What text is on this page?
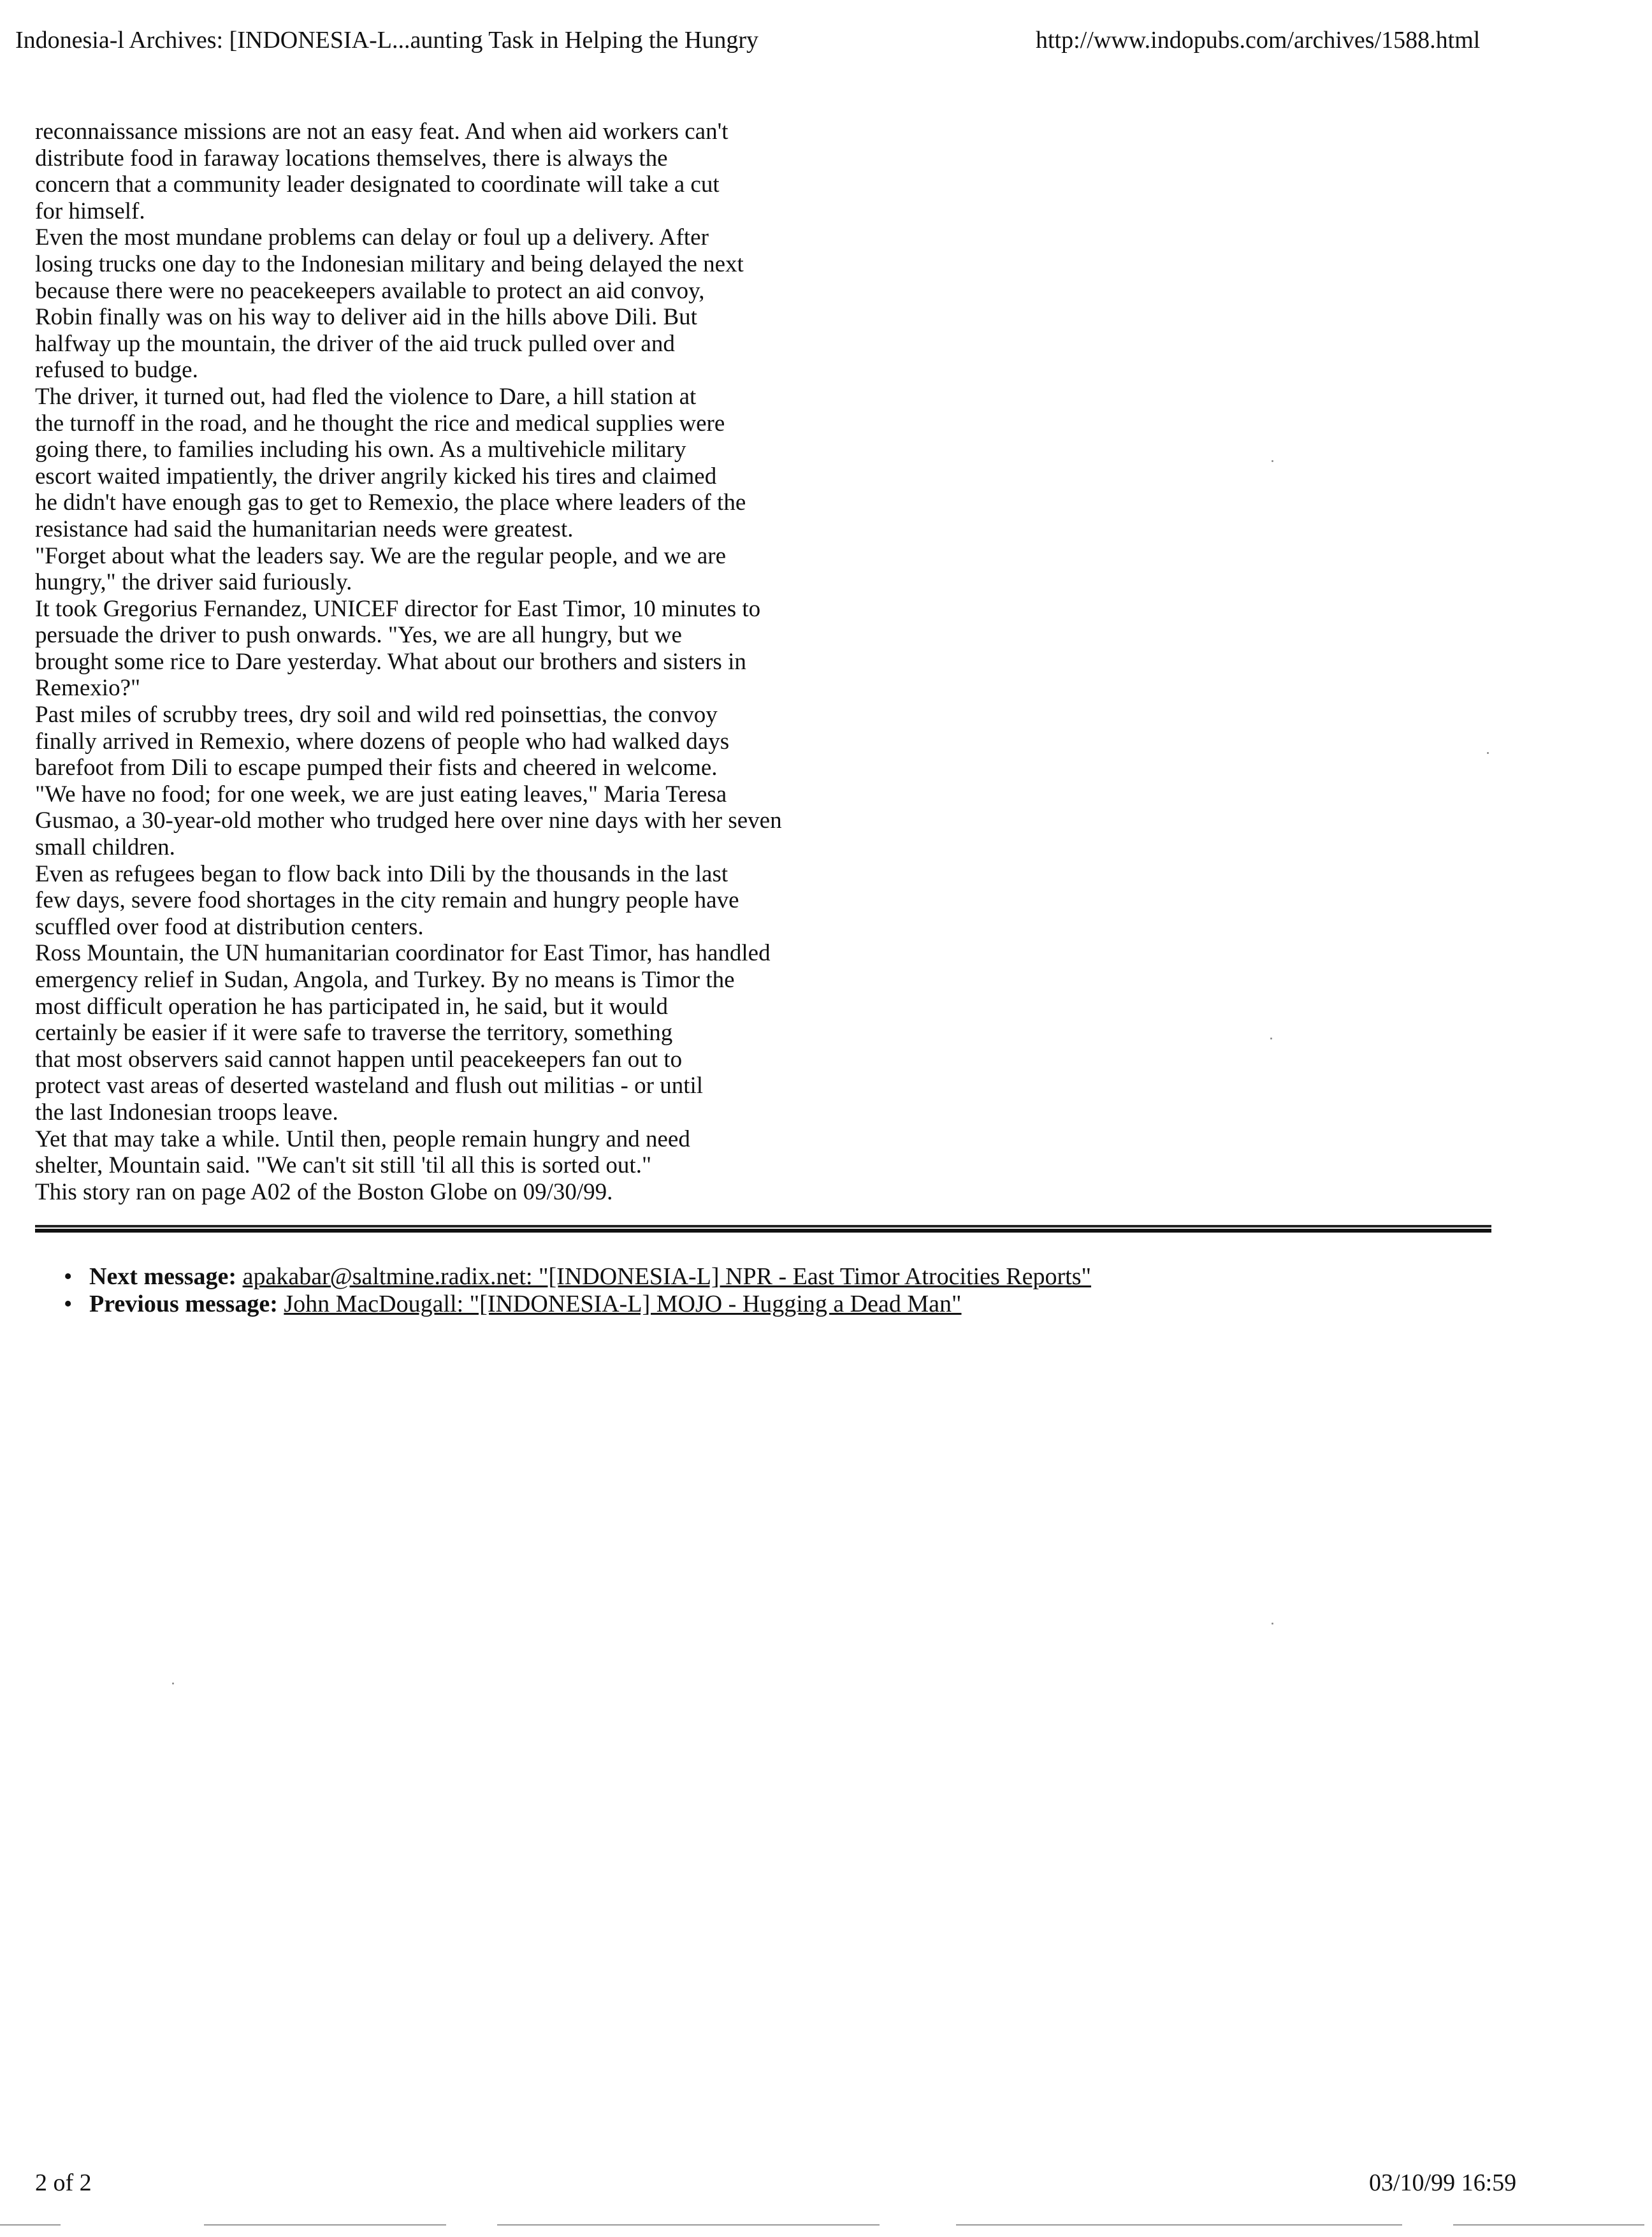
Indonesia-l Archives: [INDONESIA-L...aunting Task in Helping the Hungry	http://www.indopubs.com/archives/1588.html
reconnaissance missions are not an easy feat. And when aid workers can't
distribute food in faraway locations themselves, there is always the
concern that a community leader designated to coordinate will take a cut
for himself.
Even the most mundane problems can delay or foul up a delivery. After
losing trucks one day to the Indonesian military and being delayed the next
because there were no peacekeepers available to protect an aid convoy,
Robin finally was on his way to deliver aid in the hills above Dili. But
halfway up the mountain, the driver of the aid truck pulled over and
refused to budge.
The driver, it turned out, had fled the violence to Dare, a hill station at
the turnoff in the road, and he thought the rice and medical supplies were
going there, to families including his own. As a multivehicle military
escort waited impatiently, the driver angrily kicked his tires and claimed
he didn't have enough gas to get to Remexio, the place where leaders of the
resistance had said the humanitarian needs were greatest.
"Forget about what the leaders say. We are the regular people, and we are
hungry," the driver said furiously.
It took Gregorius Fernandez, UNICEF director for East Timor, 10 minutes to
persuade the driver to push onwards. "Yes, we are all hungry, but we
brought some rice to Dare yesterday. What about our brothers and sisters in
Remexio?"
Past miles of scrubby trees, dry soil and wild red poinsettias, the convoy
finally arrived in Remexio, where dozens of people who had walked days
barefoot from Dili to escape pumped their fists and cheered in welcome.
"We have no food; for one week, we are just eating leaves," Maria Teresa
Gusmao, a 30-year-old mother who trudged here over nine days with her seven
small children.
Even as refugees began to flow back into Dili by the thousands in the last
few days, severe food shortages in the city remain and hungry people have
scuffled over food at distribution centers.
Ross Mountain, the UN humanitarian coordinator for East Timor, has handled
emergency relief in Sudan, Angola, and Turkey. By no means is Timor the
most difficult operation he has participated in, he said, but it would
certainly be easier if it were safe to traverse the territory, something
that most observers said cannot happen until peacekeepers fan out to
protect vast areas of deserted wasteland and flush out militias - or until
the last Indonesian troops leave.
Yet that may take a while. Until then, people remain hungry and need
shelter, Mountain said. "We can't sit still 'til all this is sorted out."
This story ran on page A02 of the Boston Globe on 09/30/99.
• Next message: apakabar@saltmine.radix.net: "[INDONESIA-L] NPR - East Timor Atrocities Reports"
• Previous message: John MacDougall: "[INDONESIA-L] MOJO - Hugging a Dead Man"
2 of 2	03/10/99 16:59
